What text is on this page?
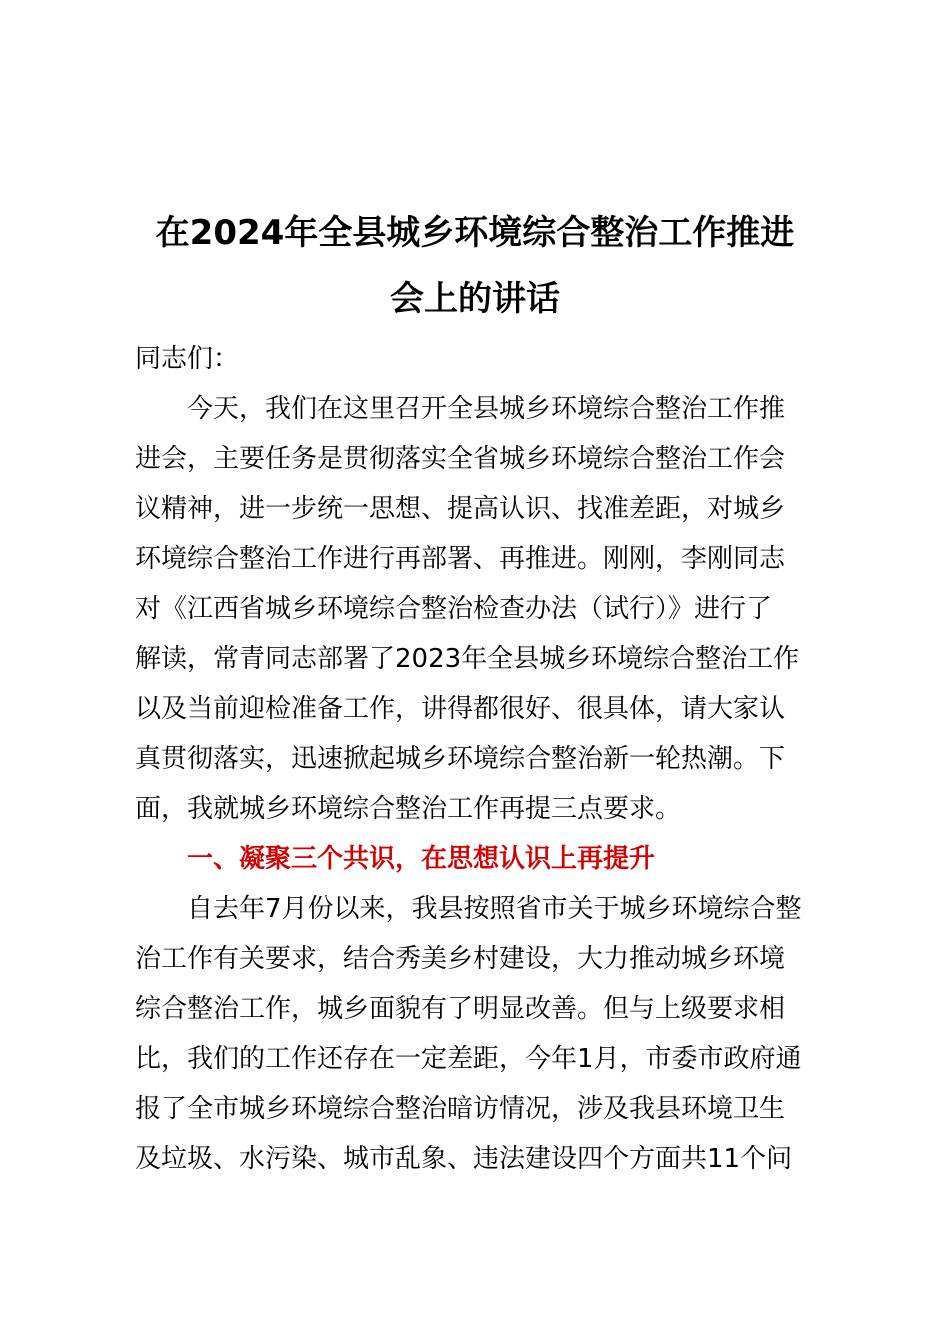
在2024年全县城乡环境综合整治工作推进
会上的讲话
同志们：
今天，我们在这里召开全县城乡环境综合整治工作推
进会，主要任务是贯彻落实全省城乡环境综合整治工作会
议精神，进一步统一思想、提高认识、找准差距，对城乡
环境综合整治工作进行再部署、再推进。刚刚，李刚同志
对《江西省城乡环境综合整治检查办法（试行）》进行了
解读，常青同志部署了2023年全县城乡环境综合整治工作
以及当前迎检准备工作，讲得都很好、很具体，请大家认
真贯彻落实，迅速掀起城乡环境综合整治新一轮热潮。下
面，我就城乡环境综合整治工作再提三点要求。
一、凝聚三个共识，在思想认识上再提升
自去年7月份以来，我县按照省市关于城乡环境综合整
治工作有关要求，结合秀美乡村建设，大力推动城乡环境
综合整治工作，城乡面貌有了明显改善。但与上级要求相
比，我们的工作还存在一定差距，今年1月，市委市政府通
报了全市城乡环境综合整治暗访情况，涉及我县环境卫生
及垃圾、水污染、城市乱象、违法建设四个方面共11个问
